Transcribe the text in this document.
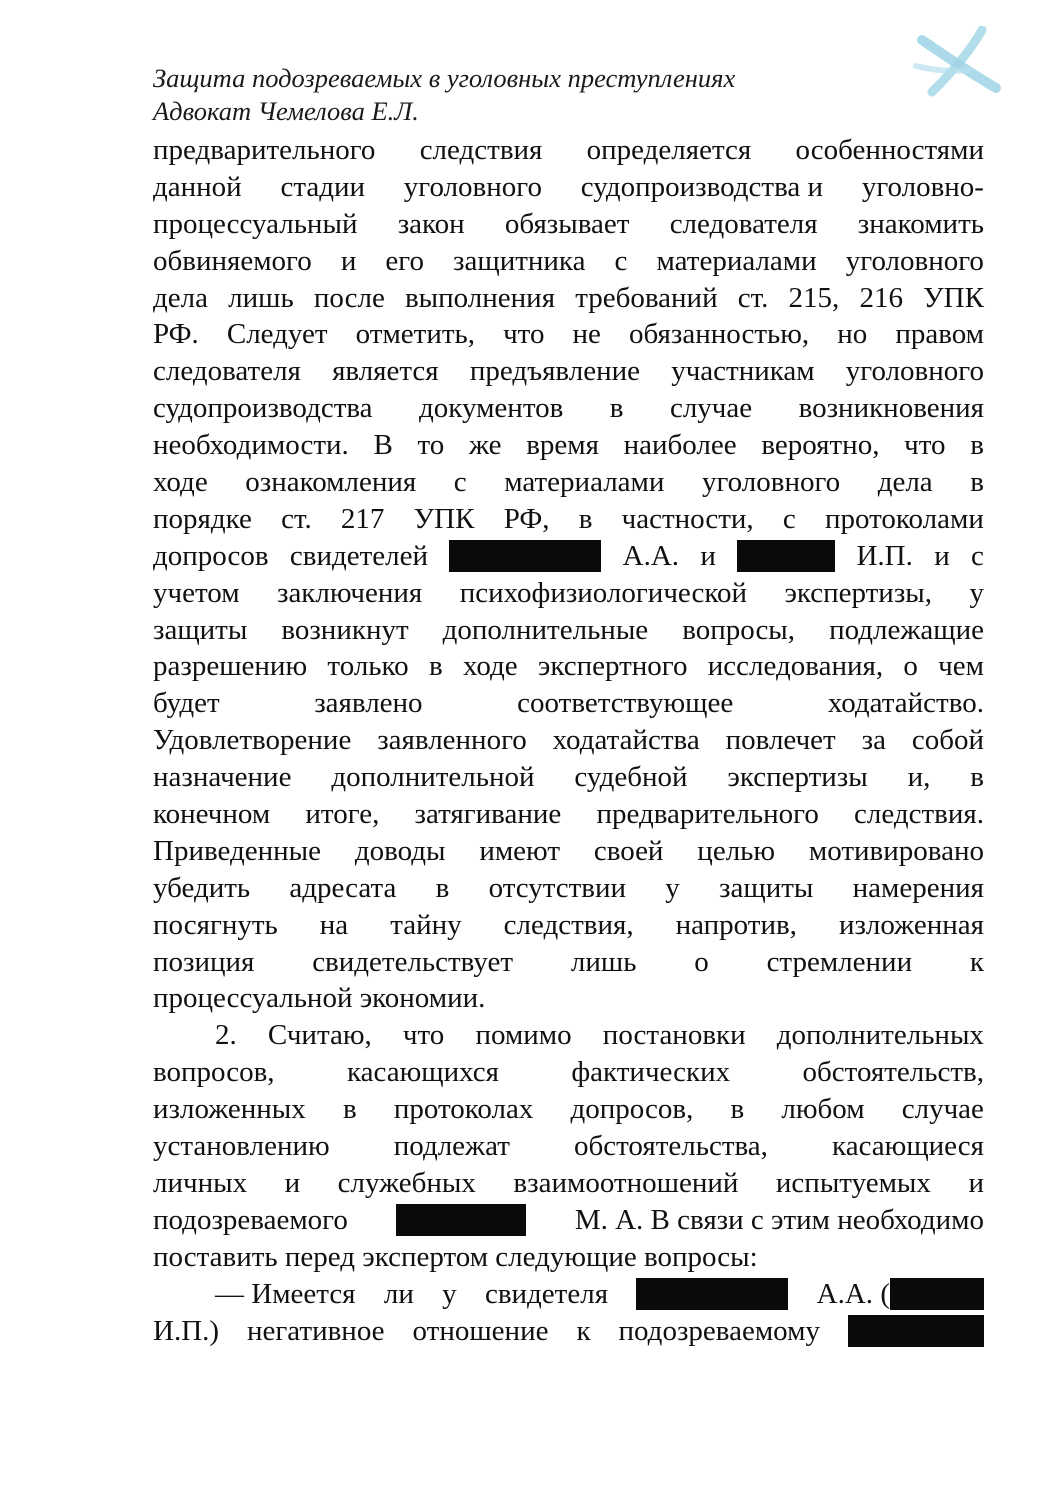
Защита подозреваемых в уголовных преступлениях
Адвокат Чемелова Е.Л.
предварительного следствия определяется особенностями
данной стадии уголовного судопроизводства и уголовно-
процессуальный закон обязывает следователя знакомить
обвиняемого и его защитника с материалами уголовного
дела лишь после выполнения требований ст. 215, 216 УПК
РФ. Следует отметить, что не обязанностью, но правом
следователя является предъявление участникам уголовного
судопроизводства документов в случае возникновения
необходимости. В то же время наиболее вероятно, что в
ходе ознакомления с материалами уголовного дела в
порядке ст. 217 УПК РФ, в частности, с протоколами
допросов свидетелей	А.А. и	И.П. и с
учетом заключения психофизиологической экспертизы, у
защиты возникнут дополнительные вопросы, подлежащие
разрешению только в ходе экспертного исследования, о чем
будет	заявлено	соответствующее	ходатайство.
Удовлетворение заявленного ходатайства повлечет за собой
назначение дополнительной судебной экспертизы и, в
конечном итоге, затягивание предварительного следствия.
Приведенные доводы имеют своей целью мотивировано
убедить адресата в отсутствии у защиты намерения
посягнуть на тайну следствия, напротив, изложенная
позиция свидетельствует лишь о стремлении к
процессуальной экономии.
2. Считаю, что помимо постановки дополнительных
вопросов, касающихся фактических обстоятельств,
изложенных в протоколах допросов, в любом случае
установлению подлежат обстоятельства, касающиеся
личных и служебных взаимоотношений испытуемых и
подозреваемого	М. А. В связи с этим необходимо
поставить перед экспертом следующие вопросы:
— Имеется ли у свидетеля	А.А.
(
И.П.) негативное отношение к подозреваемому
